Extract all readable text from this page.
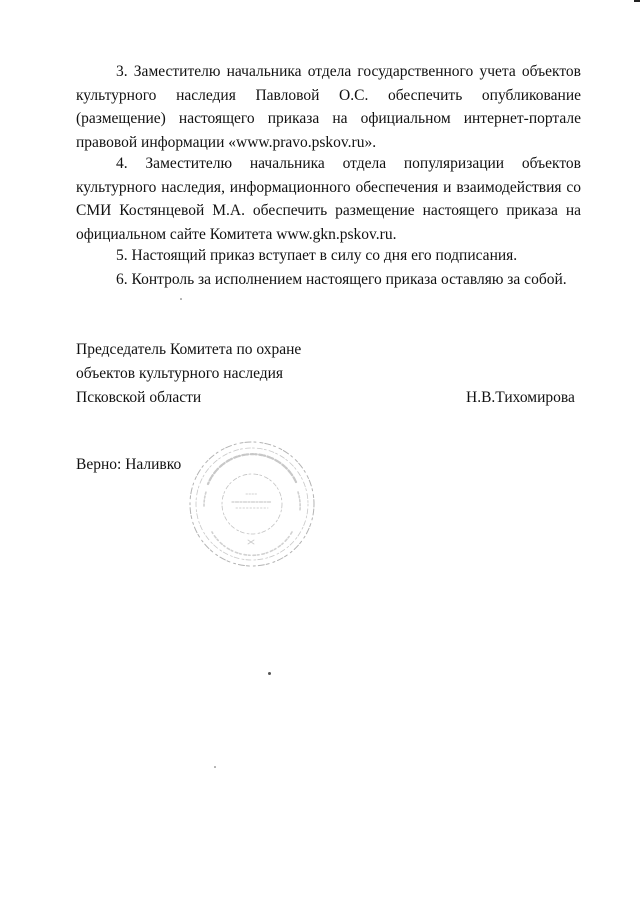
3. Заместителю начальника отдела государственного учета объектов культурного наследия Павловой О.С. обеспечить опубликование (размещение) настоящего приказа на официальном интернет-портале правовой информации «www.pravo.pskov.ru».

4. Заместителю начальника отдела популяризации объектов культурного наследия, информационного обеспечения и взаимодействия со СМИ Костянцевой М.А. обеспечить размещение настоящего приказа на официальном сайте Комитета www.gkn.pskov.ru.

5. Настоящий приказ вступает в силу со дня его подписания.

6. Контроль за исполнением настоящего приказа оставляю за собой.

Председатель Комитета по охране
объектов культурного наследия
Псковской области	Н.В.Тихомирова
Верно: Наливко
